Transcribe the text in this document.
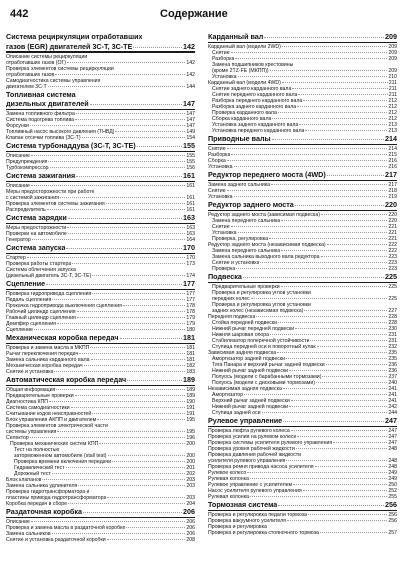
442	Содержание
Система рециркуляции отработавших
газов (EGR) двигателей 3C-T, 3C-TE	142
Описание системы рециркуляции
отработавших газов (ОГ)	142
Проверка элементов системы рециркуляции
отработавших газов	142
Самодиагностика системы управления
двигателем 3C-T	144
Топливная система
дизельных двигателей	147
Замена топливного фильтра	147
Система подогрева топлива	147
Форсунки	147
Топливный насос высокого давления (ТНВД)	149
Клапан отсечки топлива (3C-T)	154
Система турбонаддува (3C-T, 3C-TE)	155
Описание	155
Предупреждения	155
Турбокомпрессор	156
Система зажигания	161
Описание	161
Меры предосторожности при работе
с системой зажигания	161
Проверка элементов системы зажигания	161
Распределитель	161
Система зарядки	163
Меры предосторожности	163
Проверки на автомобиле	163
Генератор	164
Система запуска	170
Стартер	170
Проверка работы стартера	173
Система облегчения запуска
(дизельный двигатель 3C-T, 3C-TE)	174
Сцепление	177
Проверка гидропривода сцепления	177
Педаль сцепления	177
Прокачка гидропривода выключения сцепления	178
Рабочий цилиндр сцепления	178
Главный цилиндр сцепления	179
Демпфер сцепления	179
Сцепление	180
Механическая коробка передач	181
Проверка и замена масла в МКПП	181
Рычаг переключения передач	181
Замена сальника карданного вала	181
Механическая коробка передач	182
Снятие и установка	183
Автоматическая коробка передач	189
Общая информация	189
Предварительные проверки	189
Диагностика КПП	190
Система самодиагностики	191
Считывание кодов неисправностей	191
Блок управления АКПП и двигателем	195
Проверка элементов электрической части
системы управления	195
Селектор	196
Проверка механических систем КПП	200
Тест на полностью
заторможенном автомобиле (stall test)	200
Проверка времени включения передачи	200
Гидравлический тест	201
Дорожный тест	202
Блок клапанов	203
Замена сальника удлинителя	203
Проверка гидротрансформатора и
пластины привода гидротрансформатора	203
Коробка передач в сборе	204
Раздаточная коробка	206
Описание	206
Проверка и замена масла в раздаточной коробке	206
Замена сальников	206
Снятие и установка раздаточной коробки	208
Карданный вал	209
Карданный вал (модели 2WD)	209
Снятие	209
Разборка	209
Замена подшипников крестовины
(кроме 2TZ-FE (МКПП))	209
Установка	210
Карданный вал (модели 4WD)	211
Снятие заднего карданного вала	211
Снятие переднего карданного вала	211
Разборка переднего карданного вала	212
Разборка заднего карданного вала	212
Проверка карданного вала	212
Сборка карданного вала	212
Установка заднего карданного вала	213
Установка переднего карданного вала	213
Приводные валы	214
Снятие	214
Разборка	215
Сборка	216
Установка	216
Редуктор переднего моста (4WD)	217
Замена заднего сальника	217
Снятие	218
Установка	219
Редуктор заднего моста	220
Редуктор заднего моста (зависимая подвеска)	220
Замена переднего сальника	220
Снятие	221
Установка	221
Проверка, регулировка	221
Редуктор заднего моста (независимая подвеска)	222
Замена переднего сальника	222
Замена сальника выходного вала редуктора	223
Снятие и установка	223
Проверка	223
Подвеска	225
Предварительные проверки	225
Проверка и регулировка углов установки
передних колес	225
Проверка и регулировка углов установки
задних колес (независимая подвеска)	227
Передняя подвеска	228
Стойка передней подвески	228
Нижний рычаг передней подвески	230
Нижняя шаровая опора	231
Стабилизатор поперечной устойчивости	231
Ступица передней оси и поворотный кулак	232
Зависимая задняя подвеска	235
Амортизатор задней подвески	235
Тяга Панара и верхний рычаг задней подвески	236
Нижний рычаг задней подвески	236
Полуось (модели с барабанными тормозами)	237
Полуось (модели с дисковыми тормозами)	240
Независимая задняя подвеска	241
Амортизатор	241
Верхний рычаг задней подвески	241
Нижний рычаг задней подвески	242
Ступица задней оси	244
Рулевое управление	247
Проверка люфта рулевого колеса	247
Проверка усилия на рулевом колесе	247
Проверка системы усилителя рулевого управления	247
Проверка уровня рабочей жидкости	248
Проверка давления рабочей жидкости
усилителя рулевого управления	248
Проверка ремня привода насоса усилителя	248
Рулевое колесо	249
Рулевая колонка	249
Рулевое управление с усилителем	250
Насос усилителя рулевого управления	252
Рулевая колонка	255
Тормозная система	256
Проверка и регулировка педали тормоза	256
Проверка вакуумного усилителя	256
Проверка и регулировка
Проверка и регулировка стояночного тормоза	257
